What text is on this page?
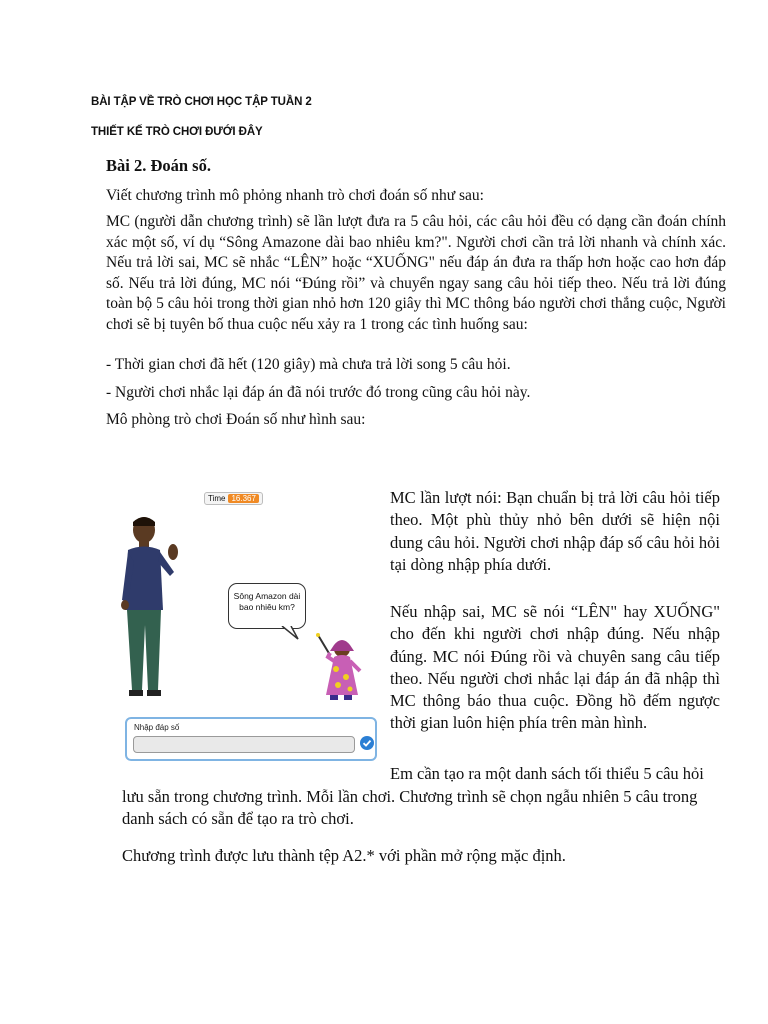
BÀI TẬP VỀ TRÒ CHƠI HỌC TẬP TUẦN 2
THIẾT KẾ TRÒ CHƠI ĐƯỚI ĐÂY

Bài 2. Đoán số.

Viết chương trình mô phỏng nhanh trò chơi đoán số như sau:

MC (người dẫn chương trình) sẽ lần lượt đưa ra 5 câu hỏi, các câu hỏi đều có dạng cần đoán chính xác một số, ví dụ “Sông Amazone dài bao nhiêu km?". Người chơi cần trả lời nhanh và chính xác. Nếu trả lời sai, MC sẽ nhắc “LÊN” hoặc “XUỐNG" nếu đáp án đưa ra thấp hơn hoặc cao hơn đáp số. Nếu trả lời đúng, MC nói “Đúng rồi” và chuyển ngay sang câu hỏi tiếp theo. Nếu trả lời đúng toàn bộ 5 câu hỏi trong thời gian nhỏ hơn 120 giây thì MC thông báo người chơi thắng cuộc, Người chơi sẽ bị tuyên bố thua cuộc nếu xảy ra 1 trong các tình huống sau:

- Thời gian chơi đã hết (120 giây) mà chưa trả lời song 5 câu hỏi.

- Người chơi nhắc lại đáp án đã nói trước đó trong cũng câu hỏi này.

Mô phòng trò chơi Đoán số như hình sau:

Time 16.367
Sông Amazon dài bao nhiêu km?
Nhập đáp số

MC lần lượt nói: Bạn chuẩn bị trả lời câu hỏi tiếp theo. Một phù thủy nhỏ bên dưới sẽ hiện nội dung câu hỏi. Người chơi nhập đáp số câu hỏi hỏi tại dòng nhập phía dưới.

Nếu nhập sai, MC sẽ nói “LÊN" hay XUỐNG" cho đến khi người chơi nhập đúng. Nếu nhập đúng. MC nói Đúng rồi và chuyên sang câu tiếp theo. Nếu người chơi nhắc lại đáp án đã nhập thì MC thông báo thua cuộc. Đồng hồ đếm ngược thời gian luôn hiện phía trên màn hình.

Em cần tạo ra một danh sách tối thiểu 5 câu hỏi

lưu sẵn trong chương trình. Mỗi lần chơi. Chương trình sẽ chọn ngẫu nhiên 5 câu trong danh sách có sẵn để tạo ra trò chơi.

Chương trình được lưu thành tệp A2.* với phần mở rộng mặc định.
